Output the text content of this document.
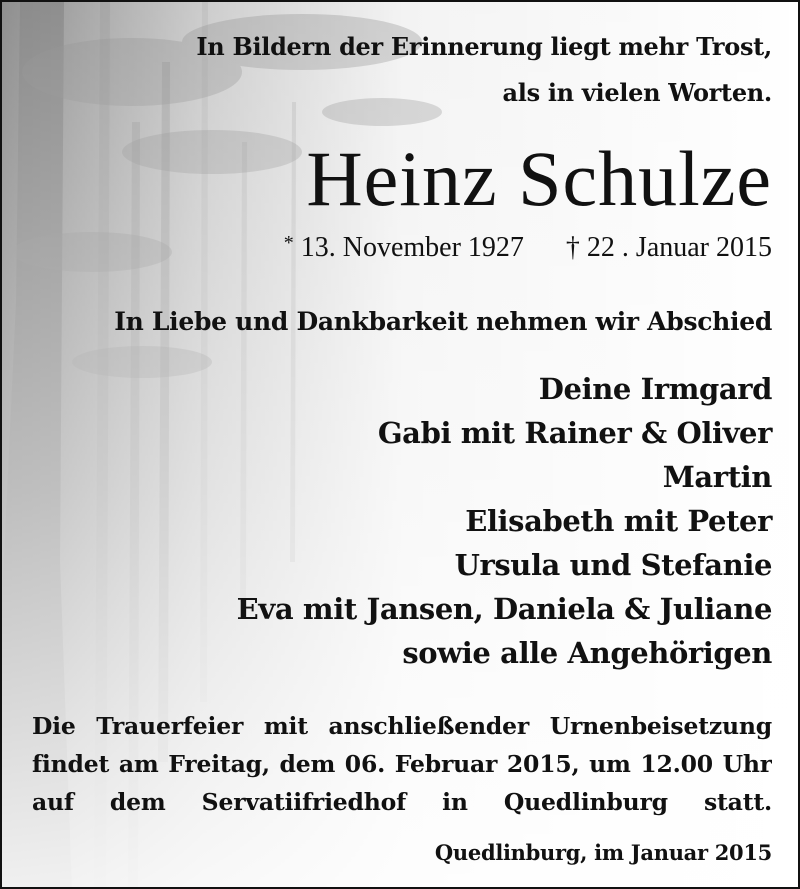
In Bildern der Erinnerung liegt mehr Trost,
als in vielen Worten.
Heinz Schulze
* 13. November 1927 † 22 . Januar 2015
In Liebe und Dankbarkeit nehmen wir Abschied
Deine Irmgard
Gabi mit Rainer & Oliver
Martin
Elisabeth mit Peter
Ursula und Stefanie
Eva mit Jansen, Daniela & Juliane
sowie alle Angehörigen
Die Trauerfeier mit anschließender Urnenbeisetzung
findet am Freitag, dem 06. Februar 2015, um 12.00 Uhr
auf dem Servatiifriedhof in Quedlinburg statt.
Quedlinburg, im Januar 2015
